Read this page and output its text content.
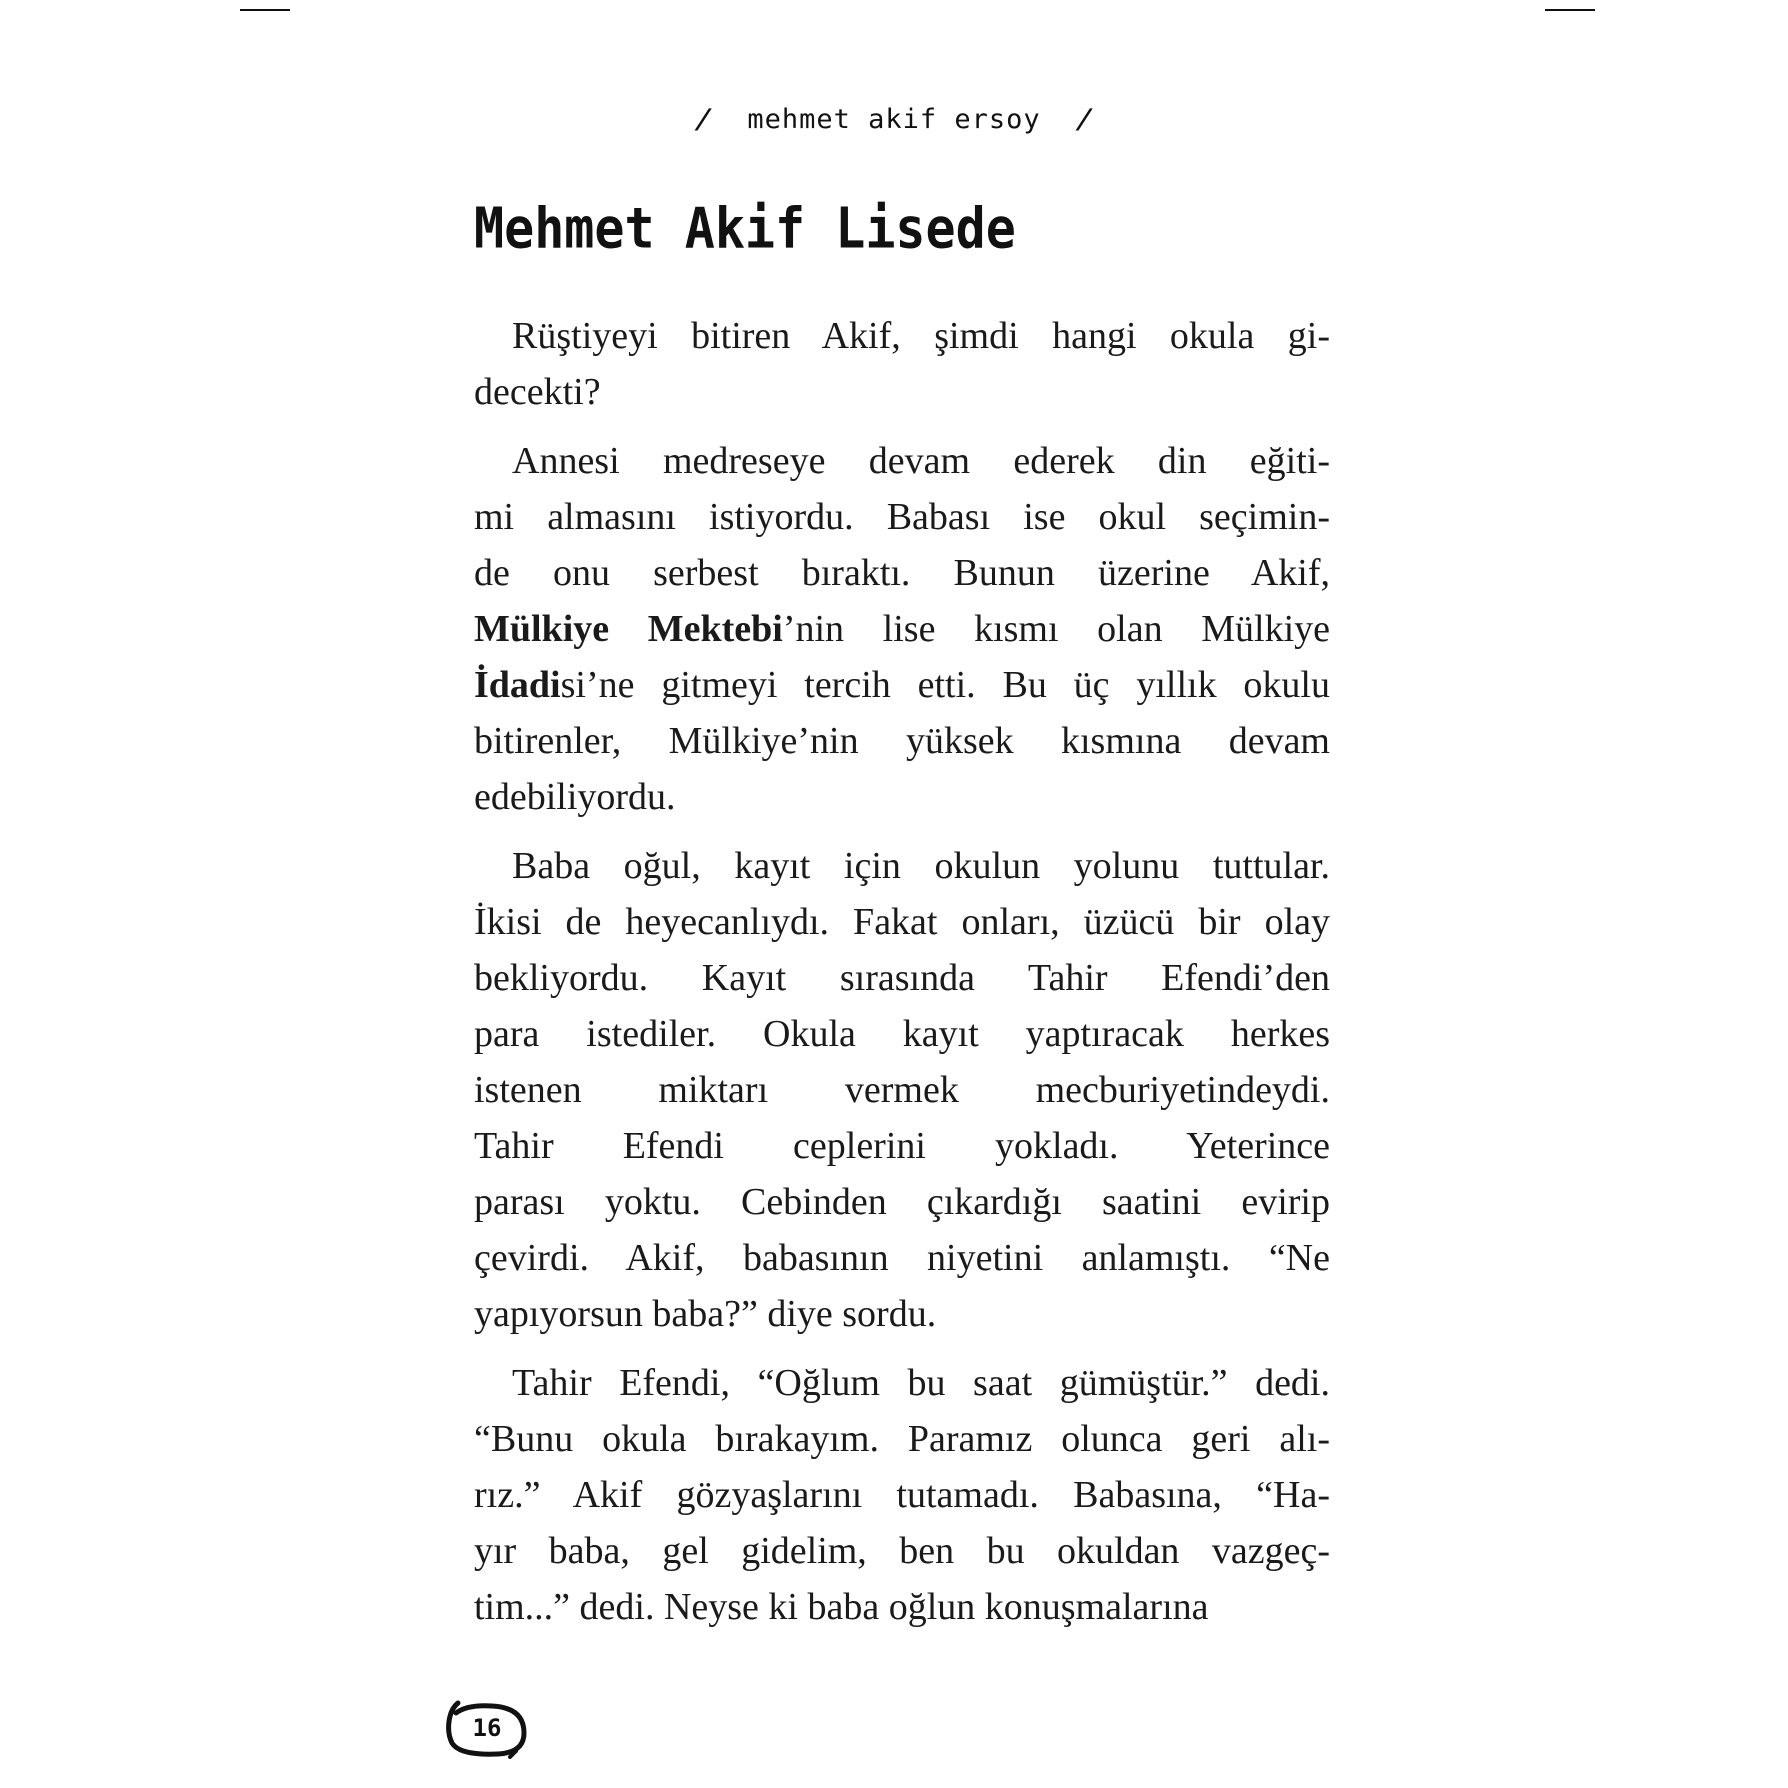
/ mehmet akif ersoy /
Mehmet Akif Lisede
Rüştiyeyi bitiren Akif, şimdi hangi okula gi-
decekti?
Annesi medreseye devam ederek din eğiti-
mi almasını istiyordu. Babası ise okul seçimin-
de onu serbest bıraktı. Bunun üzerine Akif,
Mülkiye Mektebi’nin lise kısmı olan Mülkiye
İdadisi’ne gitmeyi tercih etti. Bu üç yıllık okulu
bitirenler, Mülkiye’nin yüksek kısmına devam
edebiliyordu.
Baba oğul, kayıt için okulun yolunu tuttular.
İkisi de heyecanlıydı. Fakat onları, üzücü bir olay
bekliyordu. Kayıt sırasında Tahir Efendi’den
para istediler. Okula kayıt yaptıracak herkes
istenen miktarı vermek mecburiyetindeydi.
Tahir Efendi ceplerini yokladı. Yeterince
parası yoktu. Cebinden çıkardığı saatini evirip
çevirdi. Akif, babasının niyetini anlamıştı. “Ne
yapıyorsun baba?” diye sordu.
Tahir Efendi, “Oğlum bu saat gümüştür.” dedi.
“Bunu okula bırakayım. Paramız olunca geri alı-
rız.” Akif gözyaşlarını tutamadı. Babasına, “Ha-
yır baba, gel gidelim, ben bu okuldan vazgeç-
tim...” dedi. Neyse ki baba oğlun konuşmalarına
16
